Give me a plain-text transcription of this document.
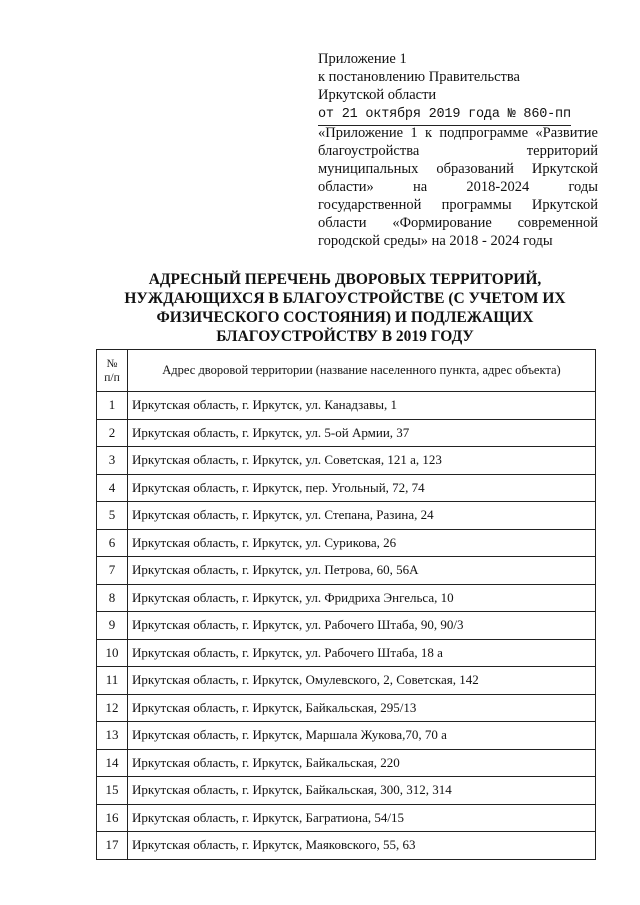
Приложение 1
к постановлению Правительства
Иркутской области
от 21 октября 2019 года № 860-пп
«Приложение 1 к подпрограмме «Развитие благоустройства территорий муниципальных образований Иркутской области» на 2018-2024 годы государственной программы Иркутской области «Формирование современной городской среды» на 2018 - 2024 годы
АДРЕСНЫЙ ПЕРЕЧЕНЬ ДВОРОВЫХ ТЕРРИТОРИЙ, НУЖДАЮЩИХСЯ В БЛАГОУСТРОЙСТВЕ (С УЧЕТОМ ИХ ФИЗИЧЕСКОГО СОСТОЯНИЯ) И ПОДЛЕЖАЩИХ БЛАГОУСТРОЙСТВУ В 2019 ГОДУ
№ п/п	Адрес дворовой территории (название населенного пункта, адрес объекта)
1	Иркутская область, г. Иркутск, ул. Канадзавы, 1
2	Иркутская область, г. Иркутск, ул. 5-ой Армии, 37
3	Иркутская область, г. Иркутск, ул. Советская, 121 а, 123
4	Иркутская область, г. Иркутск, пер. Угольный, 72, 74
5	Иркутская область, г. Иркутск, ул. Степана, Разина, 24
6	Иркутская область, г. Иркутск, ул. Сурикова, 26
7	Иркутская область, г. Иркутск, ул. Петрова, 60, 56А
8	Иркутская область, г. Иркутск, ул. Фридриха Энгельса, 10
9	Иркутская область, г. Иркутск, ул. Рабочего Штаба, 90, 90/3
10	Иркутская область, г. Иркутск, ул. Рабочего Штаба, 18 а
11	Иркутская область, г. Иркутск, Омулевского, 2, Советская, 142
12	Иркутская область, г. Иркутск, Байкальская, 295/13
13	Иркутская область, г. Иркутск, Маршала Жукова,70, 70 а
14	Иркутская область, г. Иркутск, Байкальская, 220
15	Иркутская область, г. Иркутск, Байкальская, 300, 312, 314
16	Иркутская область, г. Иркутск, Багратиона, 54/15
17	Иркутская область, г. Иркутск, Маяковского, 55, 63
